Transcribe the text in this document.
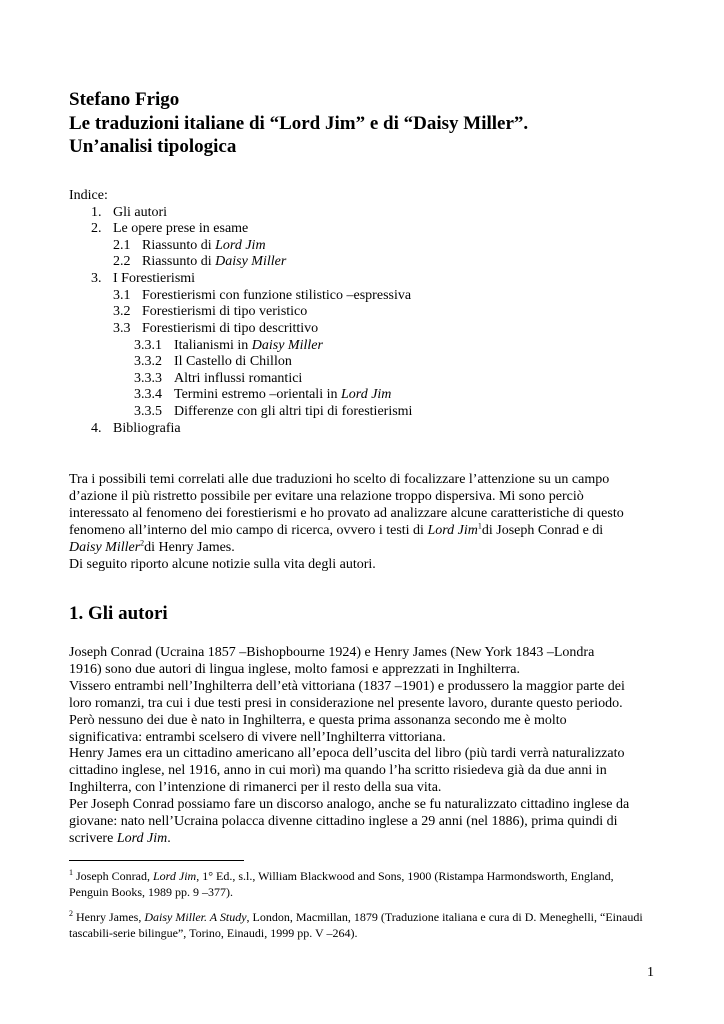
Stefano Frigo
Le traduzioni italiane di “Lord Jim” e di “Daisy Miller”.
Un’analisi tipologica
Indice:
1. Gli autori
2. Le opere prese in esame
2.1 Riassunto di Lord Jim
2.2 Riassunto di Daisy Miller
3. I Forestierismi
3.1 Forestierismi con funzione stilistico –espressiva
3.2 Forestierismi di tipo veristico
3.3 Forestierismi di tipo descrittivo
3.3.1 Italianismi in Daisy Miller
3.3.2 Il Castello di Chillon
3.3.3 Altri influssi romantici
3.3.4 Termini estremo –orientali in Lord Jim
3.3.5 Differenze con gli altri tipi di forestierismi
4. Bibliografia
Tra i possibili temi correlati alle due traduzioni ho scelto di focalizzare l’attenzione su un campo
d’azione il più ristretto possibile per evitare una relazione troppo dispersiva. Mi sono perciò
interessato al fenomeno dei forestierismi e ho provato ad analizzare alcune caratteristiche di questo
fenomeno all’interno del mio campo di ricerca, ovvero i testi di Lord Jim$^1$di Joseph Conrad e di
Daisy Miller$^2$di Henry James.
Di seguito riporto alcune notizie sulla vita degli autori.
1. Gli autori
Joseph Conrad (Ucraina 1857 –Bishopbourne 1924) e Henry James (New York 1843 –Londra
1916) sono due autori di lingua inglese, molto famosi e apprezzati in Inghilterra.
Vissero entrambi nell’Inghilterra dell’età vittoriana (1837 –1901) e produssero la maggior parte dei
loro romanzi, tra cui i due testi presi in considerazione nel presente lavoro, durante questo periodo.
Però nessuno dei due è nato in Inghilterra, e questa prima assonanza secondo me è molto
significativa: entrambi scelsero di vivere nell’Inghilterra vittoriana.
Henry James era un cittadino americano all’epoca dell’uscita del libro (più tardi verrà naturalizzato
cittadino inglese, nel 1916, anno in cui morì) ma quando l’ha scritto risiedeva già da due anni in
Inghilterra, con l’intenzione di rimanerci per il resto della sua vita.
Per Joseph Conrad possiamo fare un discorso analogo, anche se fu naturalizzato cittadino inglese da
giovane: nato nell’Ucraina polacca divenne cittadino inglese a 29 anni (nel 1886), prima quindi di
scrivere Lord Jim.
$^1$ Joseph Conrad, Lord Jim, 1° Ed., s.l., William Blackwood and Sons, 1900 (Ristampa Harmondsworth, England,
Penguin Books, 1989 pp. 9 –377).
$^2$ Henry James, Daisy Miller. A Study, London, Macmillan, 1879 (Traduzione italiana e cura di D. Meneghelli, “Einaudi
tascabili-serie bilingue”, Torino, Einaudi, 1999 pp. V –264).
1
